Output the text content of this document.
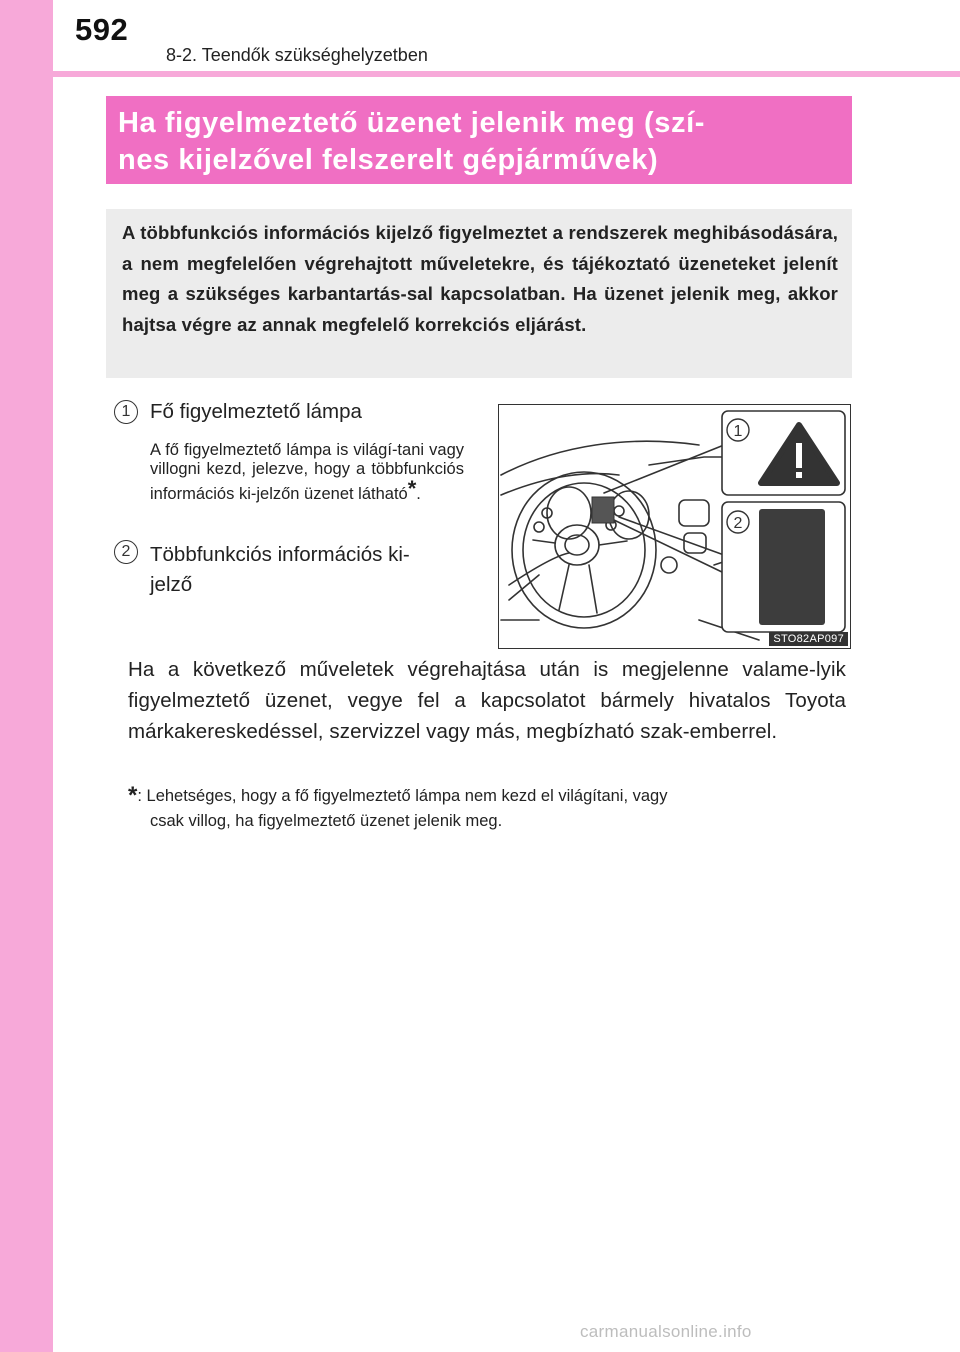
592
8-2. Teendők szükséghelyzetben
Ha figyelmeztető üzenet jelenik meg (szí-
nes kijelzővel felszerelt gépjárművek)
A többfunkciós információs kijelző figyelmeztet a rendszerek meghibásodására, a nem megfelelően végrehajtott műveletekre, és tájékoztató üzeneteket jelenít meg a szükséges karbantartás-sal kapcsolatban. Ha üzenet jelenik meg, akkor hajtsa végre az annak megfelelő korrekciós eljárást.
1 Fő figyelmeztető lámpa
A fő figyelmeztető lámpa is világí-tani vagy villogni kezd, jelezve, hogy a többfunkciós információs ki-jelzőn üzenet látható*.
2 Többfunkciós információs ki-
jelző
1
2
STO82AP097
Ha a következő műveletek végrehajtása után is megjelenne valame-lyik figyelmeztető üzenet, vegye fel a kapcsolatot bármely hivatalos Toyota márkakereskedéssel, szervizzel vagy más, megbízható szak-emberrel.
*: Lehetséges, hogy a fő figyelmeztető lámpa nem kezd el világítani, vagy
csak villog, ha figyelmeztető üzenet jelenik meg.
carmanualsonline.info
